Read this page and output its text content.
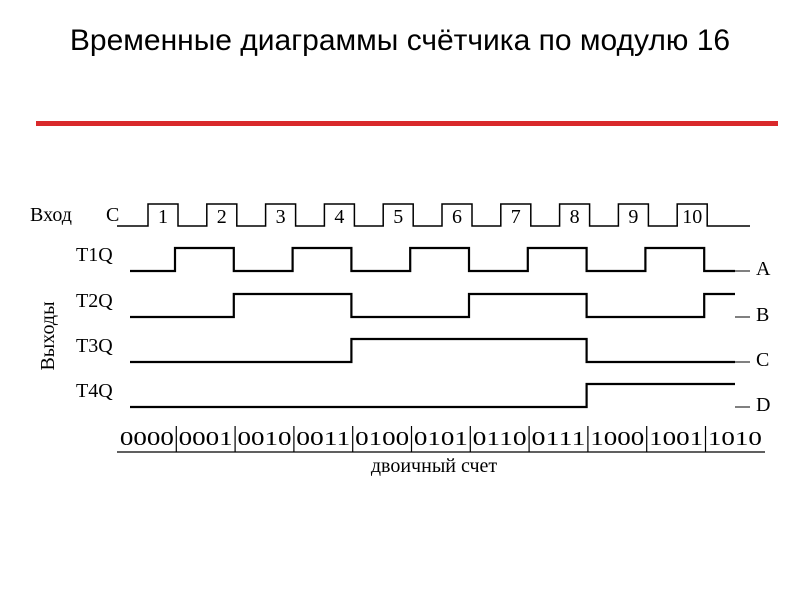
Временные диаграммы счётчика по модулю 16
Вход C
Выходы
1 2 3 4 5 6 7 8 9 10
T1Q
A
T2Q
B
T3Q
C
T4Q
D
0000 0001 0010 0011 0100 0101 0110 0111 1000 1001 1010
двоичный счет
